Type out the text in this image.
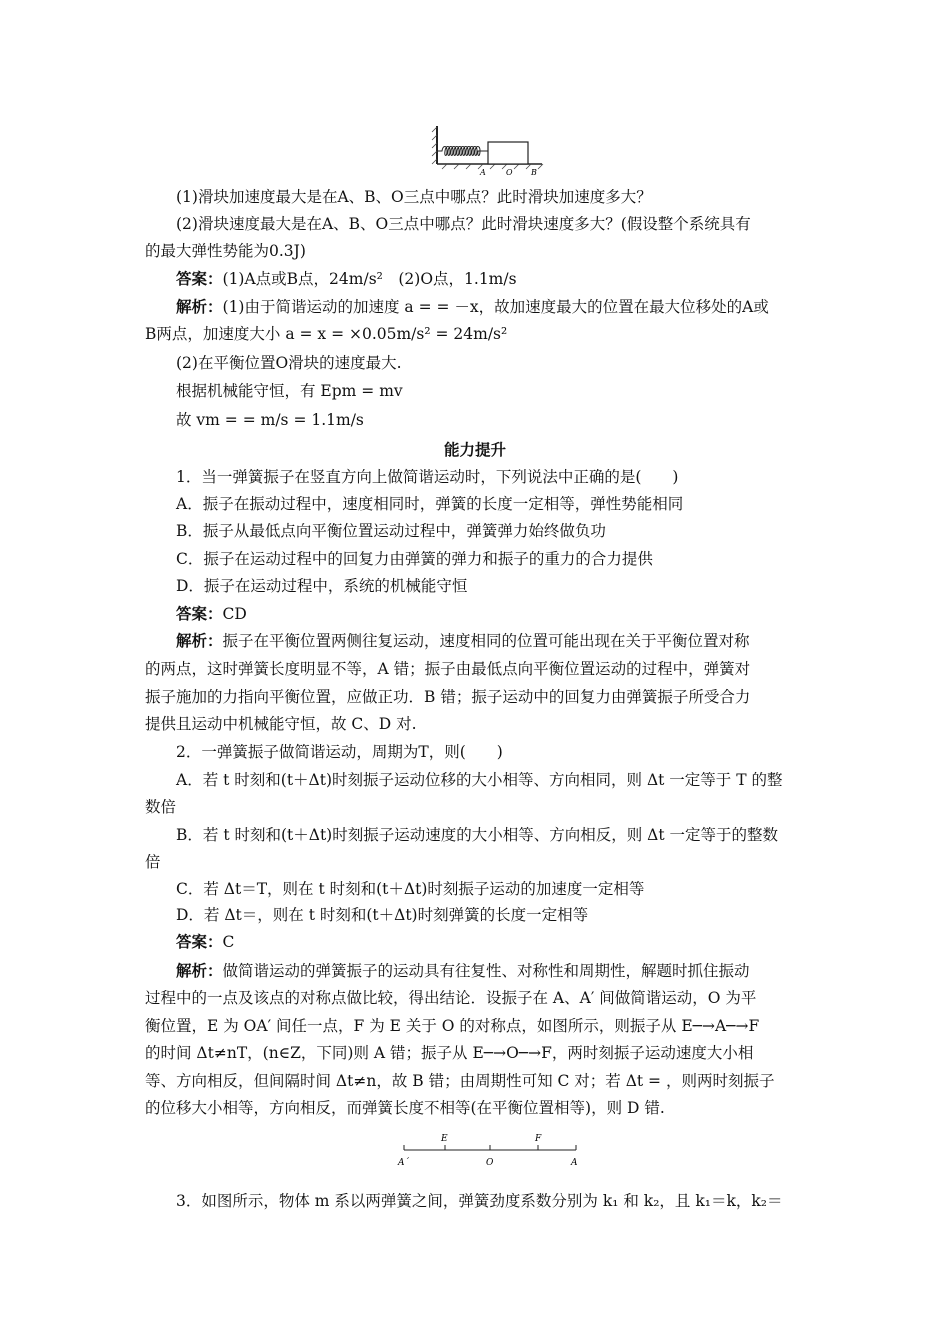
A	O B
(1)滑块加速度最大是在A、B、O三点中哪点？此时滑块加速度多大？
(2)滑块速度最大是在A、B、O三点中哪点？此时滑块速度多大？(假设整个系统具有
的最大弹性势能为0.3J)
答案：(1)A点或B点，24m/s²　(2)O点，1.1m/s
解析：(1)由于简谐运动的加速度 a = = －x，故加速度最大的位置在最大位移处的A或
B两点，加速度大小 a = x = ×0.05m/s² = 24m/s²
(2)在平衡位置O滑块的速度最大.
根据机械能守恒，有 Epm = mv
故 vm = = m/s = 1.1m/s
能力提升
1．当一弹簧振子在竖直方向上做简谐运动时，下列说法中正确的是(　　)
A．振子在振动过程中，速度相同时，弹簧的长度一定相等，弹性势能相同
B．振子从最低点向平衡位置运动过程中，弹簧弹力始终做负功
C．振子在运动过程中的回复力由弹簧的弹力和振子的重力的合力提供
D．振子在运动过程中，系统的机械能守恒
答案：CD
解析：振子在平衡位置两侧往复运动，速度相同的位置可能出现在关于平衡位置对称
的两点，这时弹簧长度明显不等，A 错；振子由最低点向平衡位置运动的过程中，弹簧对
振子施加的力指向平衡位置，应做正功．B 错；振子运动中的回复力由弹簧振子所受合力
提供且运动中机械能守恒，故 C、D 对.
2．一弹簧振子做简谐运动，周期为T，则(　　)
A．若 t 时刻和(t＋Δt)时刻振子运动位移的大小相等、方向相同，则 Δt 一定等于 T 的整
数倍
B．若 t 时刻和(t＋Δt)时刻振子运动速度的大小相等、方向相反，则 Δt 一定等于的整数
倍
C．若 Δt＝T，则在 t 时刻和(t＋Δt)时刻振子运动的加速度一定相等
D．若 Δt＝，则在 t 时刻和(t＋Δt)时刻弹簧的长度一定相等
答案：C
解析：做简谐运动的弹簧振子的运动具有往复性、对称性和周期性，解题时抓住振动
过程中的一点及该点的对称点做比较，得出结论．设振子在 A、A′ 间做简谐运动，O 为平
衡位置，E 为 OA′ 间任一点，F 为 E 关于 O 的对称点，如图所示，则振子从 E─→A─→F
的时间 Δt≠nT，(n∈Z，下同)则 A 错；振子从 E─→O─→F，两时刻振子运动速度大小相
等、方向相反，但间隔时间 Δt≠n，故 B 错；由周期性可知 C 对；若 Δt = ，则两时刻振子
的位移大小相等，方向相反，而弹簧长度不相等(在平衡位置相等)，则 D 错.
E	F
A´	O	A
3．如图所示，物体 m 系以两弹簧之间，弹簧劲度系数分别为 k₁ 和 k₂，且 k₁＝k，k₂＝
